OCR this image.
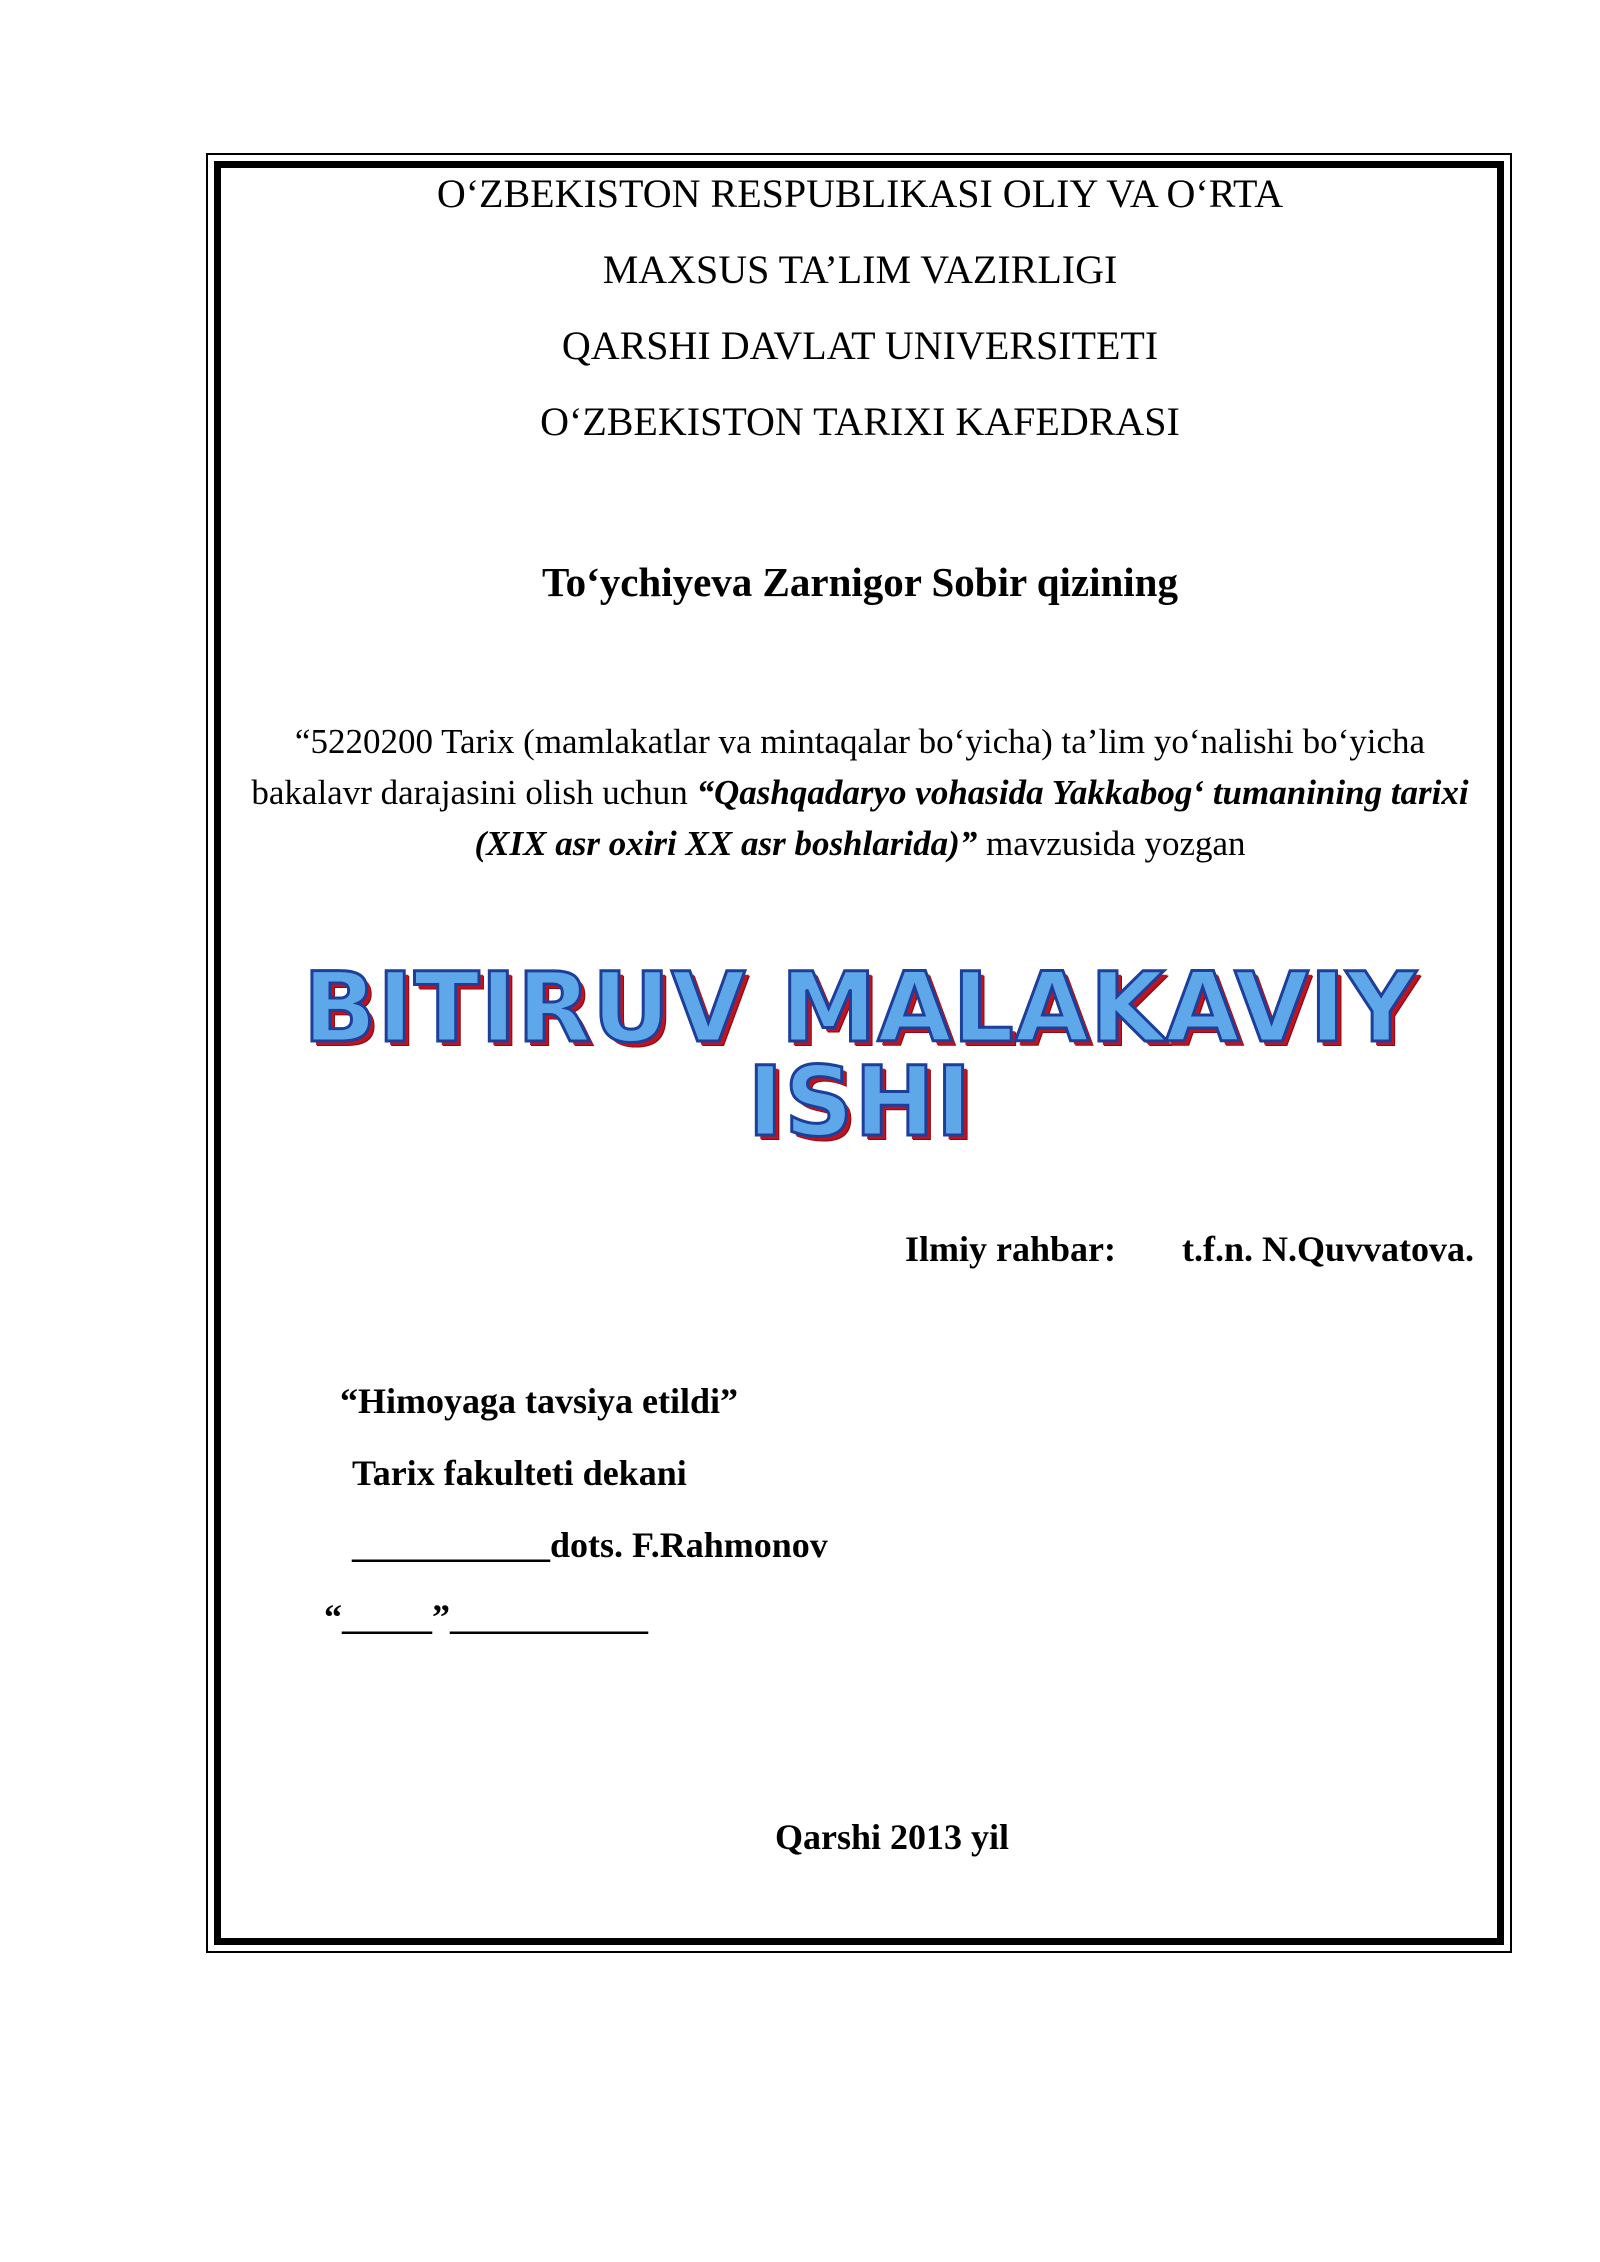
O‘ZBEKISTON RESPUBLIKASI OLIY VA O‘RTA
MAXSUS TA’LIM VAZIRLIGI
QARSHI DAVLAT UNIVERSITETI
O‘ZBEKISTON TARIXI KAFEDRASI
To‘ychiyeva Zarnigor Sobir qizining
“5220200 Tarix (mamlakatlar va mintaqalar bo‘yicha) ta’lim yo‘nalishi bo‘yicha bakalavr darajasini olish uchun “Qashqadaryo vohasida Yakkabog‘ tumanining tarixi (XIX asr oxiri XX asr boshlarida)” mavzusida yozgan
BITIRUV MALAKAVIY
ISHI
Ilmiy rahbar: t.f.n. N.Quvvatova.
“Himoyaga tavsiya etildi”
Tarix fakulteti dekani
___________dots. F.Rahmonov
“_____”___________
Qarshi 2013 yil
